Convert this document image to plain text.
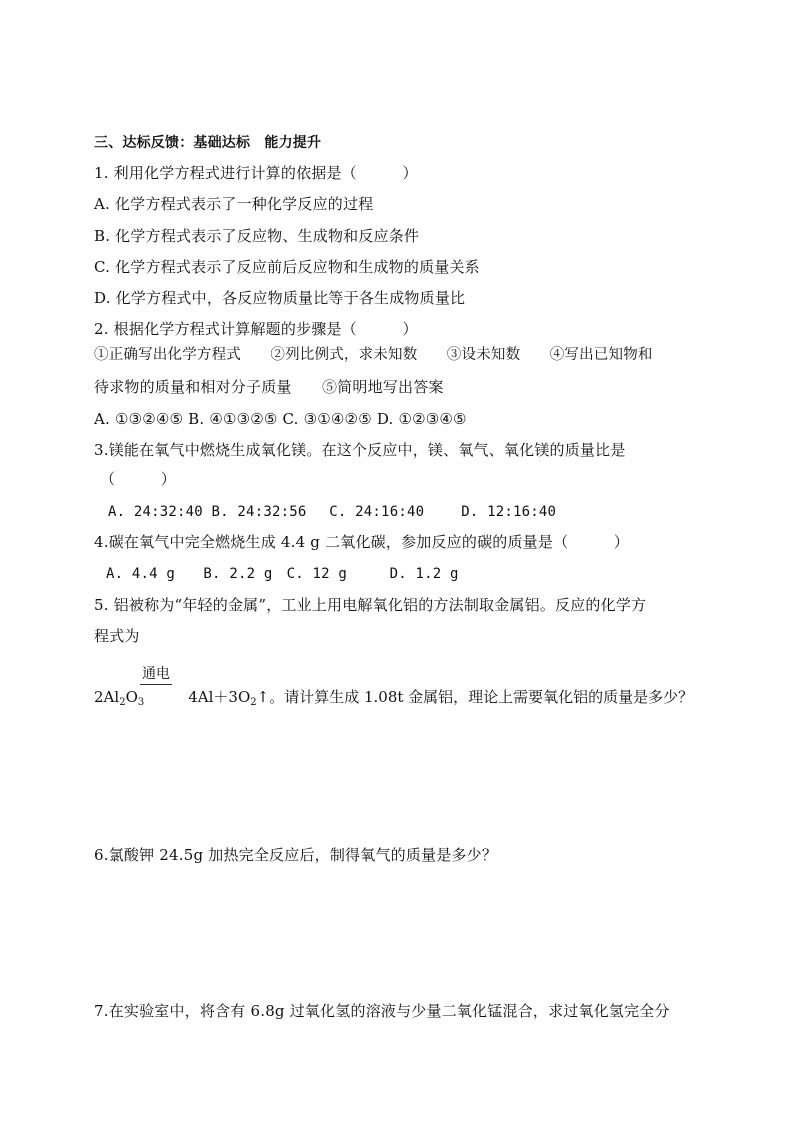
三、达标反馈：基础达标　能力提升
1. 利用化学方程式进行计算的依据是（　　　）
A. 化学方程式表示了一种化学反应的过程
B. 化学方程式表示了反应物、生成物和反应条件
C. 化学方程式表示了反应前后反应物和生成物的质量关系
D. 化学方程式中，各反应物质量比等于各生成物质量比
2. 根据化学方程式计算解题的步骤是（　　　）
①正确写出化学方程式　　②列比例式，求未知数　　③设未知数　　④写出已知物和
待求物的质量和相对分子质量　　⑤简明地写出答案
A. ①③②④⑤ B. ④①③②⑤ C. ③①④②⑤ D. ①②③④⑤
3.镁能在氧气中燃烧生成氧化镁。在这个反应中，镁、氧气、氧化镁的质量比是
（　　　）
A. 24:32:40 B. 24:32:56　 C. 24:16:40　　 D. 12:16:40
4.碳在氧气中完全燃烧生成 4.4 g 二氧化碳，参加反应的碳的质量是（　　　）
A. 4.4 g　　B. 2.2 g　C. 12 g　　　D. 1.2 g
5. 铝被称为“年轻的金属”，工业上用电解氧化铝的方法制取金属铝。反应的化学方
程式为
通电
$2Al_2O_3$	$4Al+3O_2↑$。请计算生成 1.08t 金属铝，理论上需要氧化铝的质量是多少？
6.氯酸钾 24.5g 加热完全反应后，制得氧气的质量是多少？
7.在实验室中，将含有 6.8g 过氧化氢的溶液与少量二氧化锰混合，求过氧化氢完全分
